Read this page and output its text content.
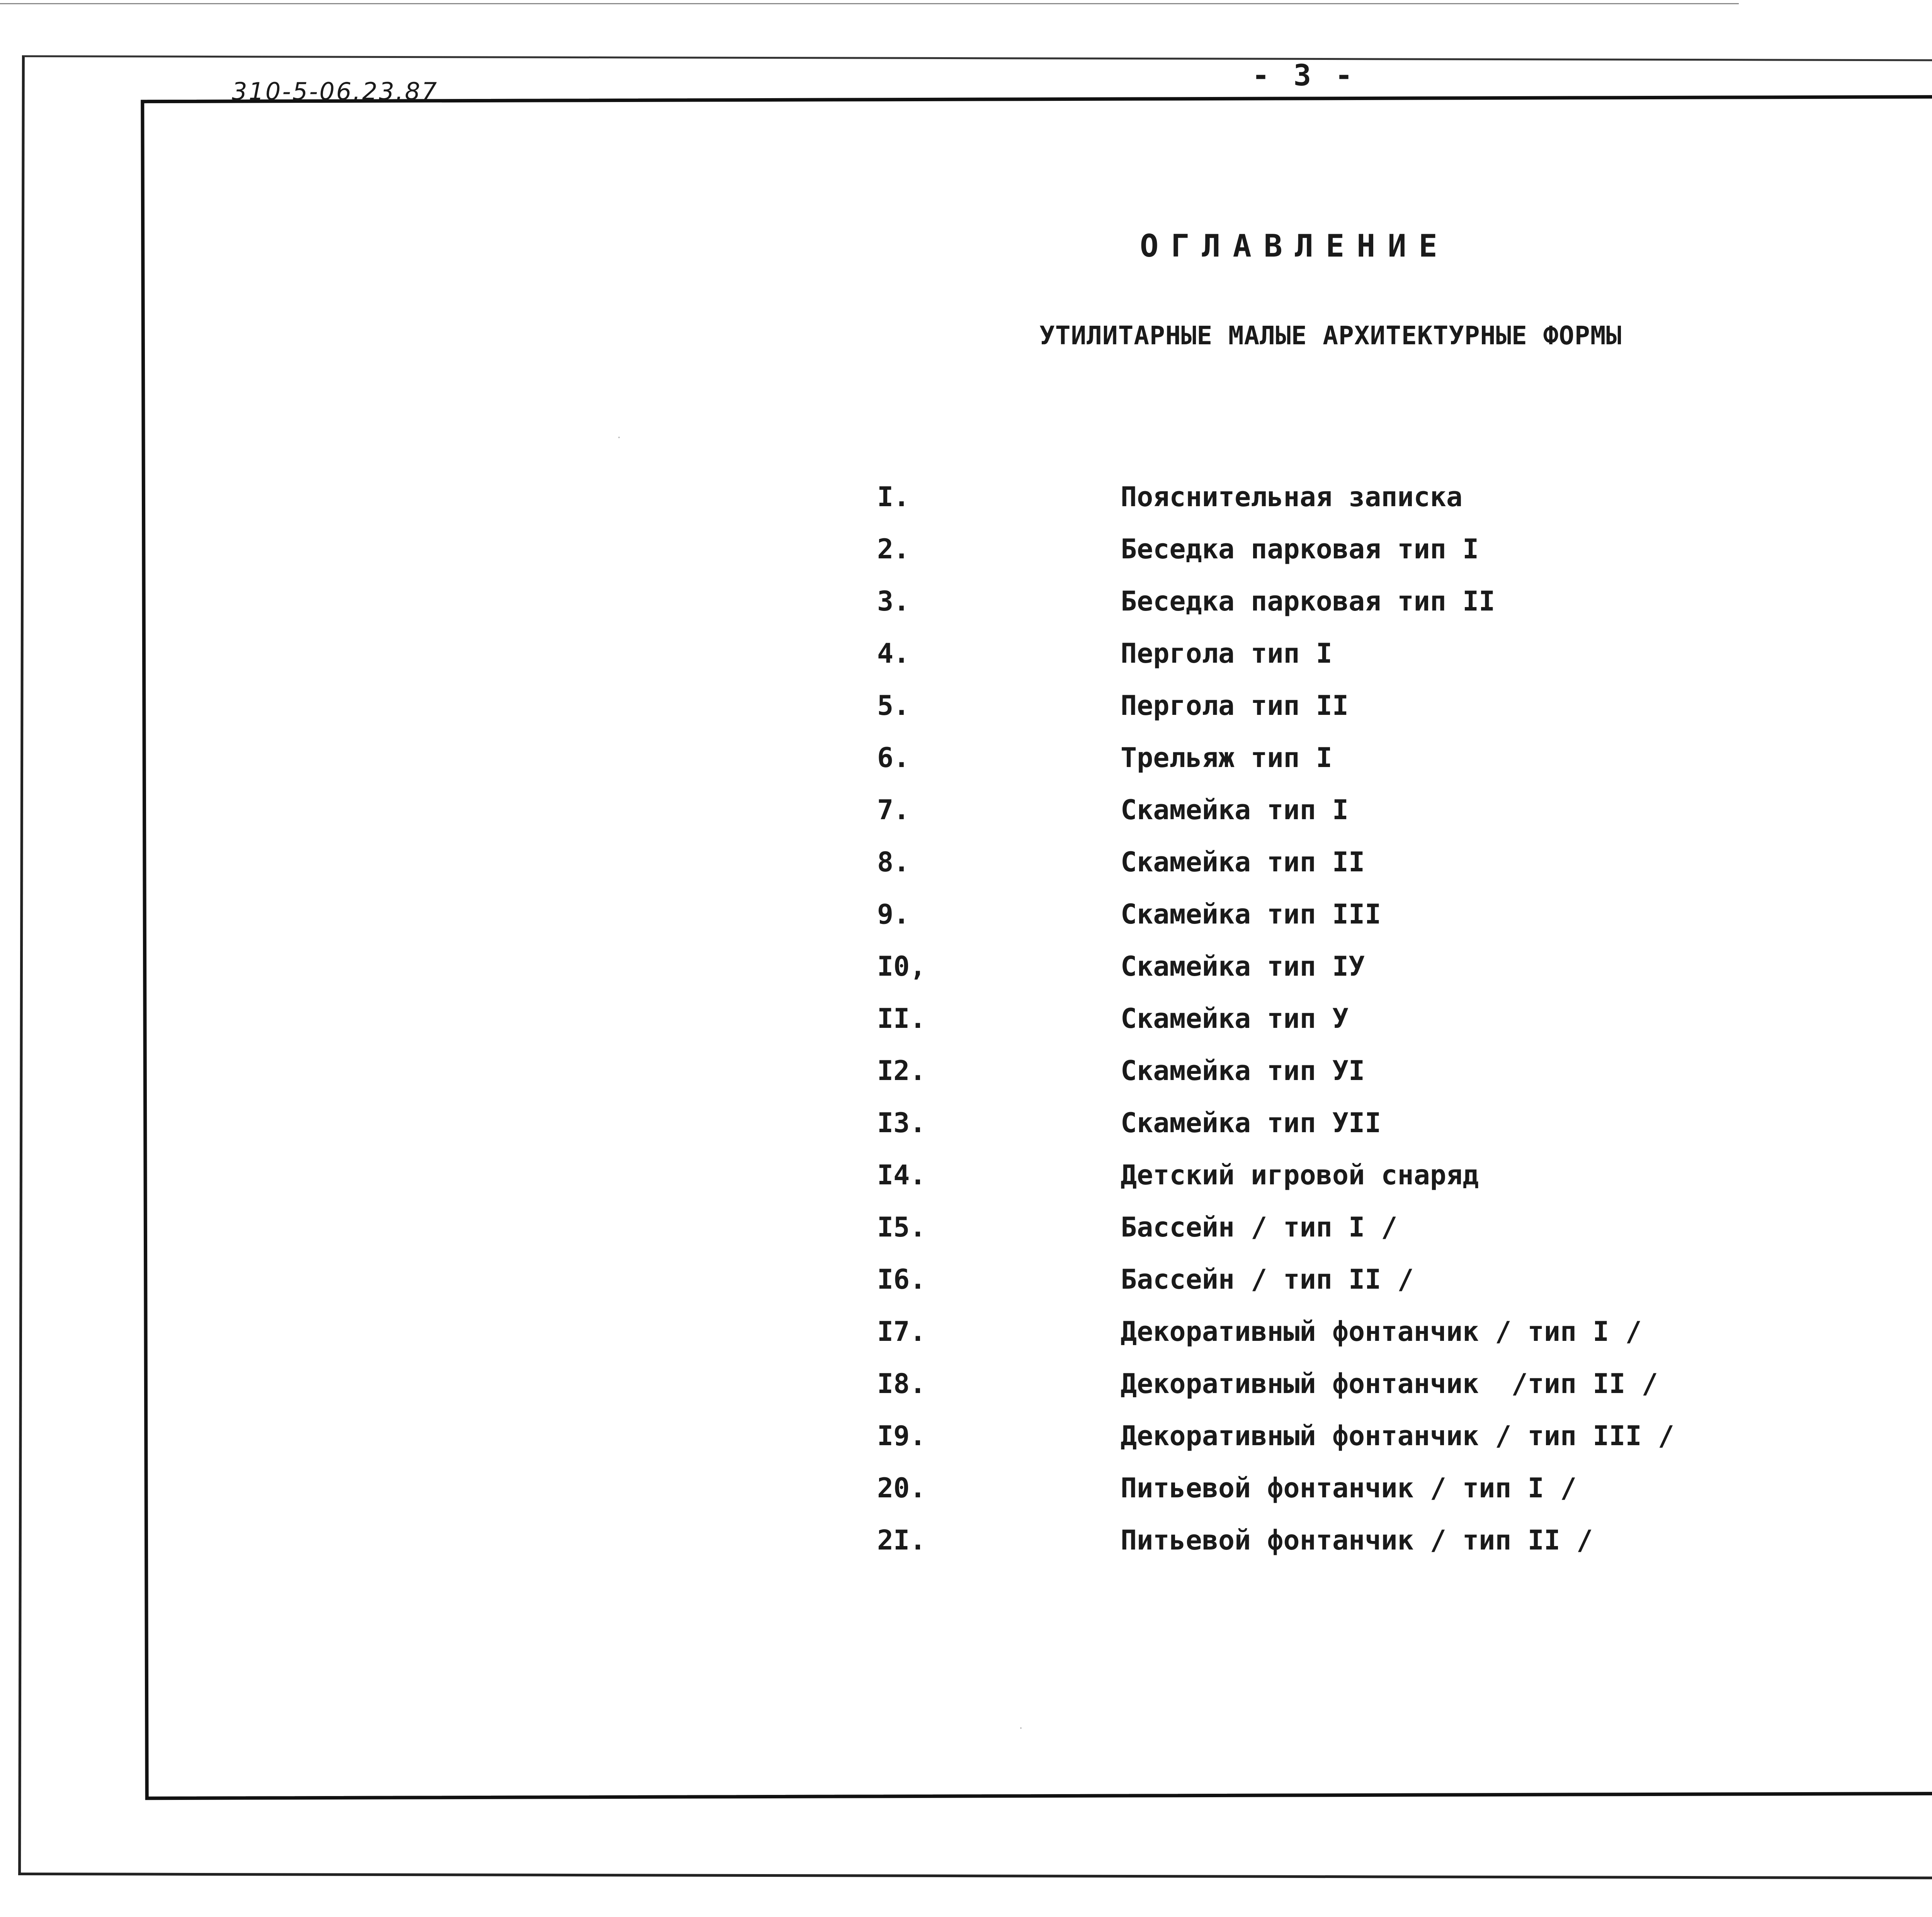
310-5-06.23.87	- 3 -
ОГЛАВЛЕНИЕ
УТИЛИТАРНЫЕ МАЛЫЕ АРХИТЕКТУРНЫЕ ФОРМЫ
I.	Пояснительная записка
2.	Беседка парковая тип I
3.	Беседка парковая тип II
4.	Пергола тип I
5.	Пергола тип II
6.	Трельяж тип I
7.	Скамейка тип I
8.	Скамейка тип II
9.	Скамейка тип III
I0,	Скамейка тип IУ
II.	Скамейка тип У
I2.	Скамейка тип УI
I3.	Скамейка тип УII
I4.	Детский игровой снаряд
I5.	Бассейн / тип I /
I6.	Бассейн / тип II /
I7.	Декоративный фонтанчик / тип I /
I8.	Декоративный фонтанчик  /тип II /
I9.	Декоративный фонтанчик / тип III /
20.	Питьевой фонтанчик / тип I /
2I.	Питьевой фонтанчик / тип II /
